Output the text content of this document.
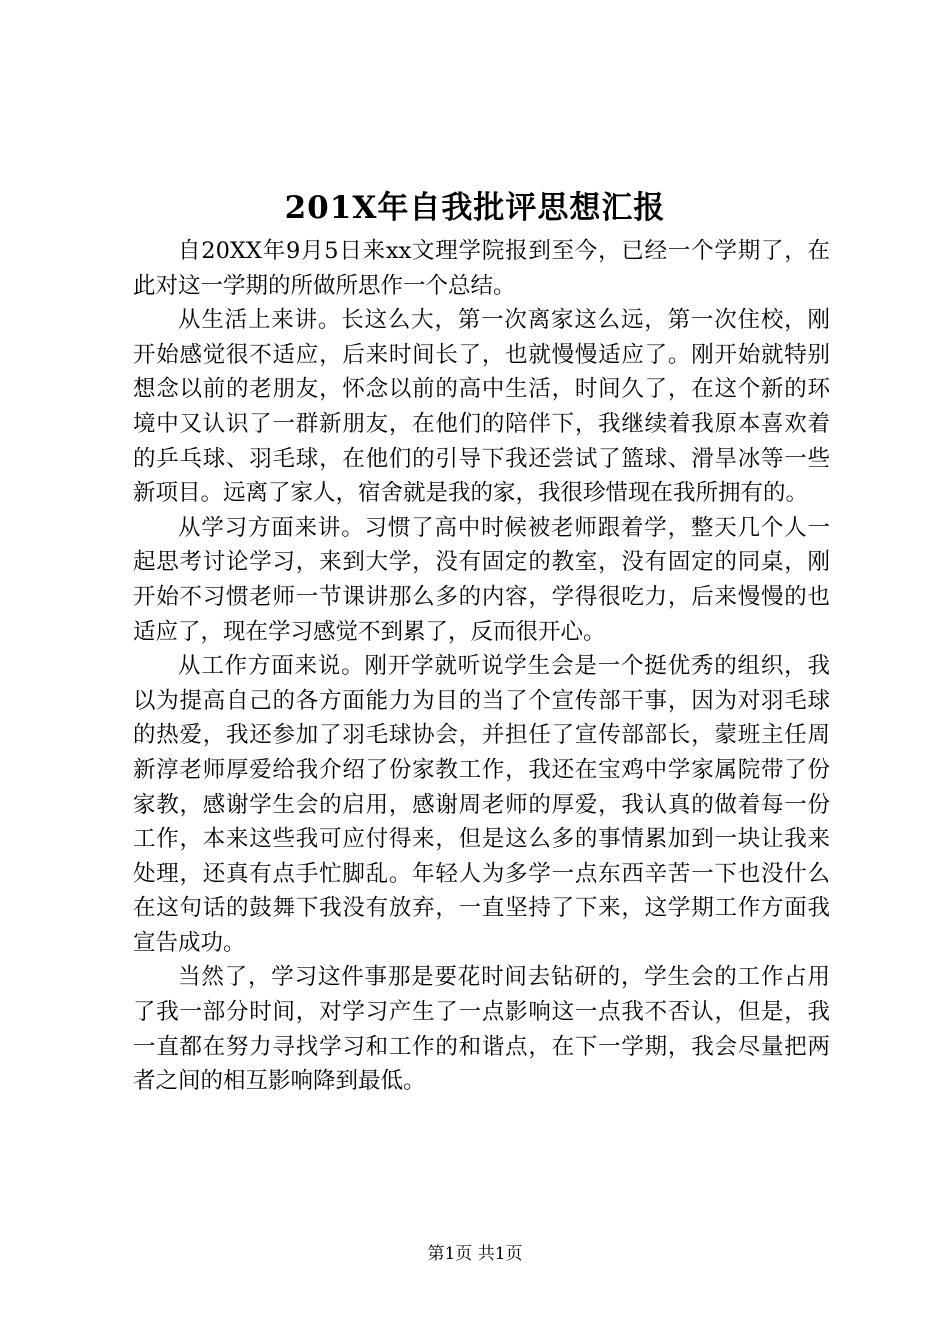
201X年自我批评思想汇报

自20XX年9月5日来xx文理学院报到至今，已经一个学期了，在此对这一学期的所做所思作一个总结。

从生活上来讲。长这么大，第一次离家这么远，第一次住校，刚开始感觉很不适应，后来时间长了，也就慢慢适应了。刚开始就特别想念以前的老朋友，怀念以前的高中生活，时间久了，在这个新的环境中又认识了一群新朋友，在他们的陪伴下，我继续着我原本喜欢着的乒乓球、羽毛球，在他们的引导下我还尝试了篮球、滑旱冰等一些新项目。远离了家人，宿舍就是我的家，我很珍惜现在我所拥有的。

从学习方面来讲。习惯了高中时候被老师跟着学，整天几个人一起思考讨论学习，来到大学，没有固定的教室，没有固定的同桌，刚开始不习惯老师一节课讲那么多的内容，学得很吃力，后来慢慢的也适应了，现在学习感觉不到累了，反而很开心。

从工作方面来说。刚开学就听说学生会是一个挺优秀的组织，我以为提高自己的各方面能力为目的当了个宣传部干事，因为对羽毛球的热爱，我还参加了羽毛球协会，并担任了宣传部部长，蒙班主任周新淳老师厚爱给我介绍了份家教工作，我还在宝鸡中学家属院带了份家教，感谢学生会的启用，感谢周老师的厚爱，我认真的做着每一份工作，本来这些我可应付得来，但是这么多的事情累加到一块让我来处理，还真有点手忙脚乱。年轻人为多学一点东西辛苦一下也没什么在这句话的鼓舞下我没有放弃，一直坚持了下来，这学期工作方面我宣告成功。

当然了，学习这件事那是要花时间去钻研的，学生会的工作占用了我一部分时间，对学习产生了一点影响这一点我不否认，但是，我一直都在努力寻找学习和工作的和谐点，在下一学期，我会尽量把两者之间的相互影响降到最低。

第1页 共1页
